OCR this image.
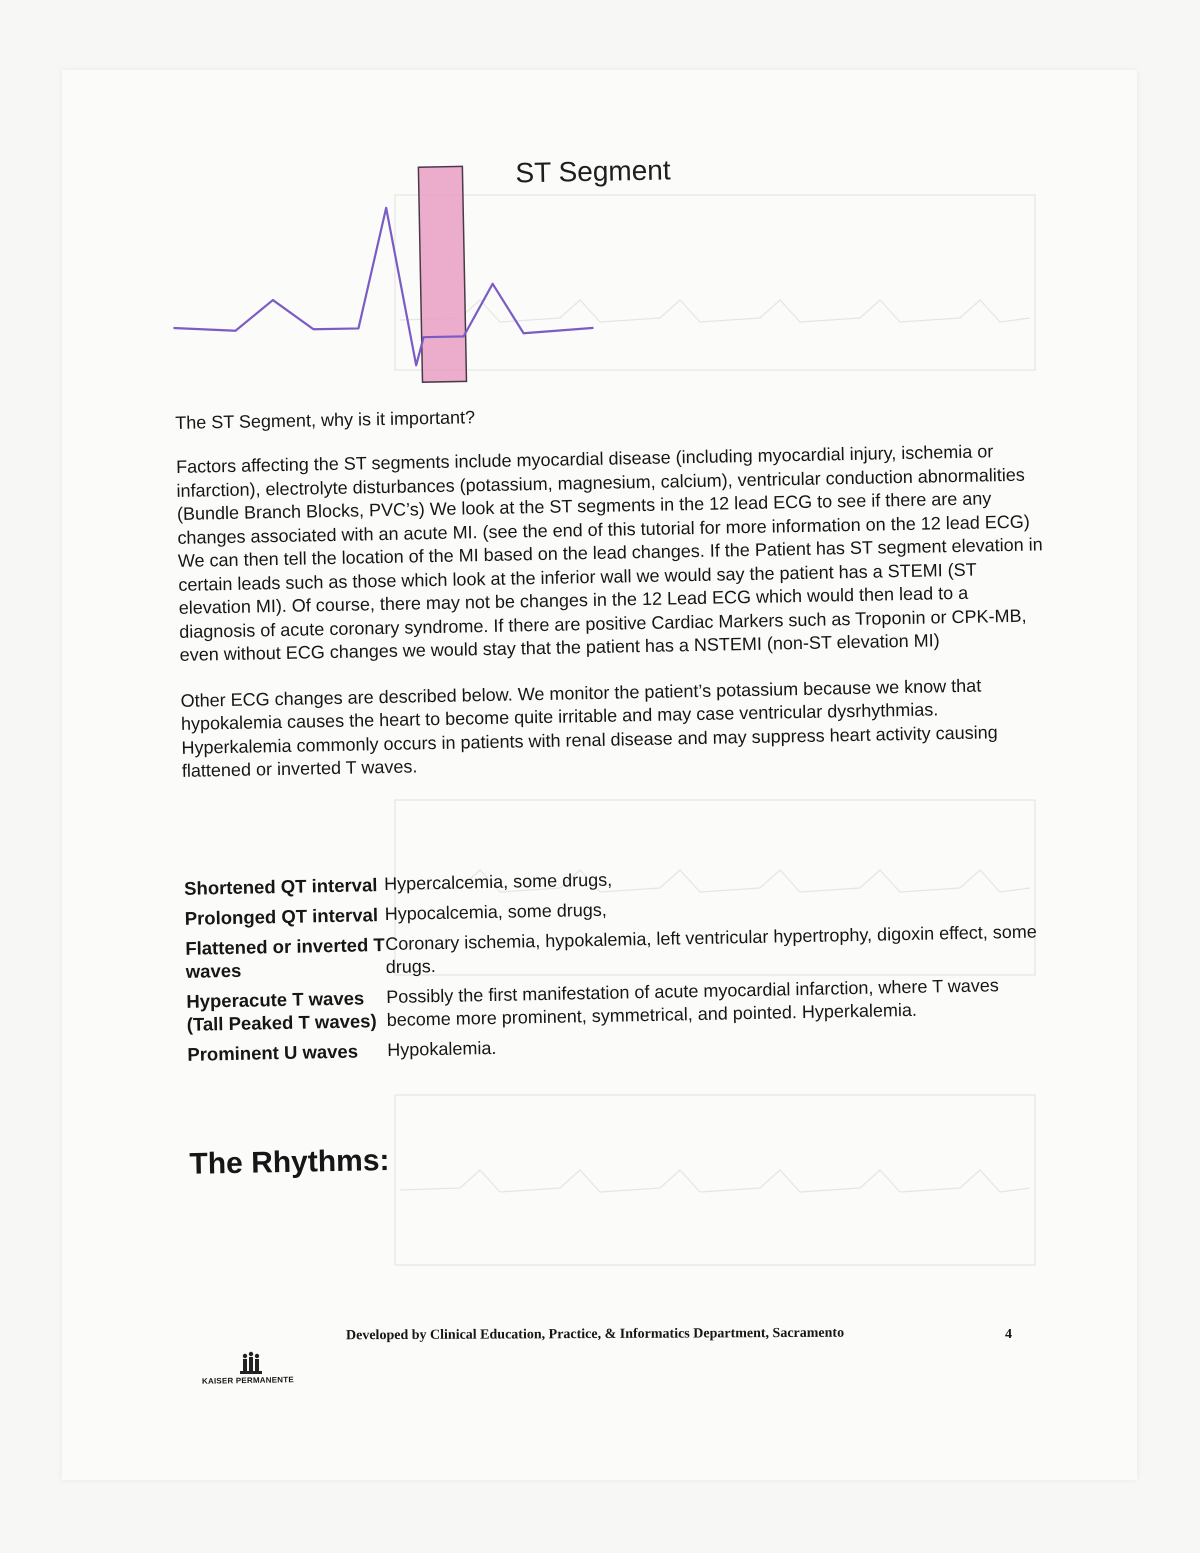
ST Segment

The ST Segment, why is it important?

Factors affecting the ST segments include myocardial disease (including myocardial injury, ischemia or infarction), electrolyte disturbances (potassium, magnesium, calcium), ventricular conduction abnormalities (Bundle Branch Blocks, PVC’s) We look at the ST segments in the 12 lead ECG to see if there are any changes associated with an acute MI. (see the end of this tutorial for more information on the 12 lead ECG) We can then tell the location of the MI based on the lead changes. If the Patient has ST segment elevation in certain leads such as those which look at the inferior wall we would say the patient has a STEMI (ST elevation MI). Of course, there may not be changes in the 12 Lead ECG which would then lead to a diagnosis of acute coronary syndrome. If there are positive Cardiac Markers such as Troponin or CPK-MB, even without ECG changes we would stay that the patient has a NSTEMI (non-ST elevation MI)

Other ECG changes are described below. We monitor the patient’s potassium because we know that hypokalemia causes the heart to become quite irritable and may case ventricular dysrhythmias. Hyperkalemia commonly occurs in patients with renal disease and may suppress heart activity causing flattened or inverted T waves.

Shortened QT interval	Hypercalcemia, some drugs,
Prolonged QT interval	Hypocalcemia, some drugs,
Flattened or inverted T waves	Coronary ischemia, hypokalemia, left ventricular hypertrophy, digoxin effect, some drugs.
Hyperacute T waves (Tall Peaked T waves)	Possibly the first manifestation of acute myocardial infarction, where T waves become more prominent, symmetrical, and pointed. Hyperkalemia.
Prominent U waves	Hypokalemia.
The Rhythms:
Developed by Clinical Education, Practice, & Informatics Department, Sacramento	4
KAISER PERMANENTE
